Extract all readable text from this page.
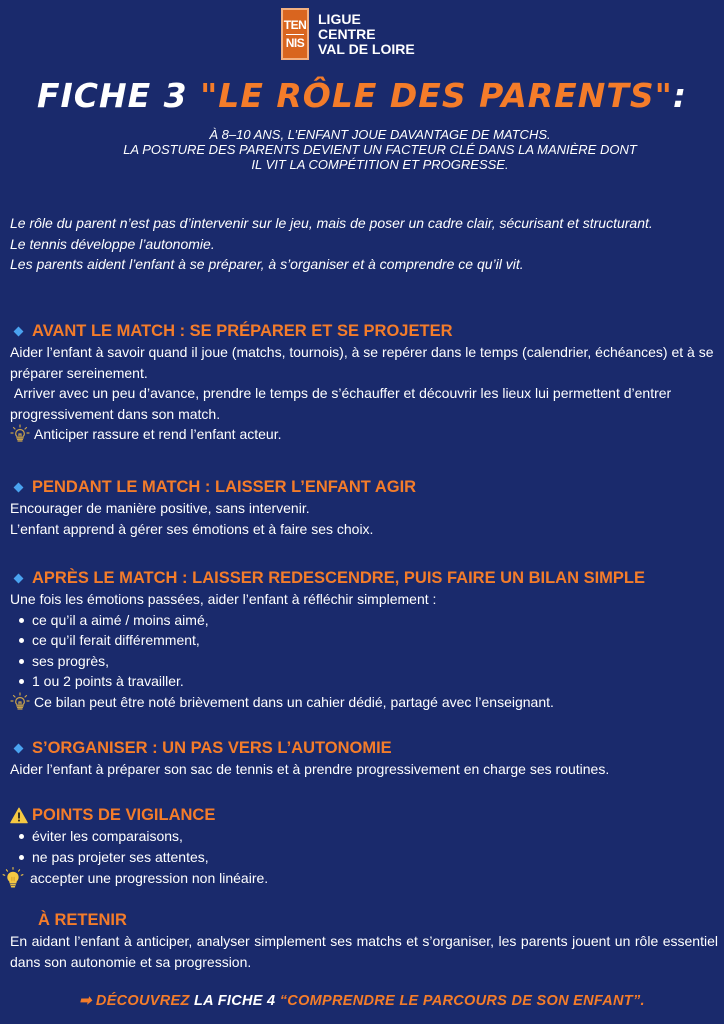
TEN
NIS
LIGUE
CENTRE
VAL DE LOIRE
FICHE 3 "LE RÔLE DES PARENTS":
À 8–10 ANS, L’ENFANT JOUE DAVANTAGE DE MATCHS.
LA POSTURE DES PARENTS DEVIENT UN FACTEUR CLÉ DANS LA MANIÈRE DONT IL VIT LA COMPÉTITION ET PROGRESSE.

Le rôle du parent n’est pas d’intervenir sur le jeu, mais de poser un cadre clair, sécurisant et structurant.

Le tennis développe l’autonomie.

Les parents aident l’enfant à se préparer, à s’organiser et à comprendre ce qu’il vit.

AVANT LE MATCH : SE PRÉPARER ET SE PROJETER

Aider l’enfant à savoir quand il joue (matchs, tournois), à se repérer dans le temps (calendrier, échéances) et à se préparer sereinement.

Arriver avec un peu d’avance, prendre le temps de s’échauffer et découvrir les lieux lui permettent d’entrer progressivement dans son match.

Anticiper rassure et rend l’enfant acteur.
PENDANT LE MATCH : LAISSER L’ENFANT AGIR

Encourager de manière positive, sans intervenir.

L’enfant apprend à gérer ses émotions et à faire ses choix.

APRÈS LE MATCH : LAISSER REDESCENDRE, PUIS FAIRE UN BILAN SIMPLE

Une fois les émotions passées, aider l’enfant à réfléchir simplement :

ce qu’il a aimé / moins aimé,
ce qu’il ferait différemment,
ses progrès,
1 ou 2 points à travailler.
Ce bilan peut être noté brièvement dans un cahier dédié, partagé avec l’enseignant.
S’ORGANISER : UN PAS VERS L’AUTONOMIE

Aider l’enfant à préparer son sac de tennis et à prendre progressivement en charge ses routines.

POINTS DE VIGILANCE
éviter les comparaisons,
ne pas projeter ses attentes,
accepter une progression non linéaire.
À RETENIR

En aidant l’enfant à anticiper, analyser simplement ses matchs et s’organiser, les parents jouent un rôle essentiel dans son autonomie et sa progression.

➡ DÉCOUVREZ LA FICHE 4 “COMPRENDRE LE PARCOURS DE SON ENFANT”.
